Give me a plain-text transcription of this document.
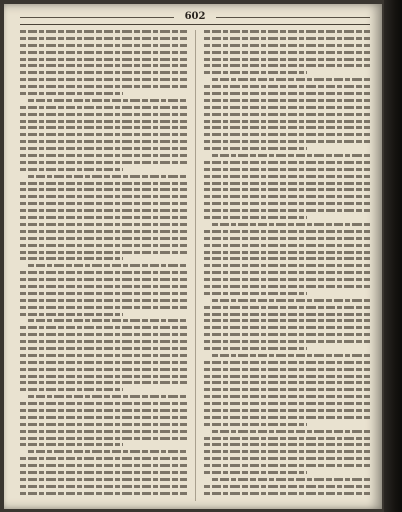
602
